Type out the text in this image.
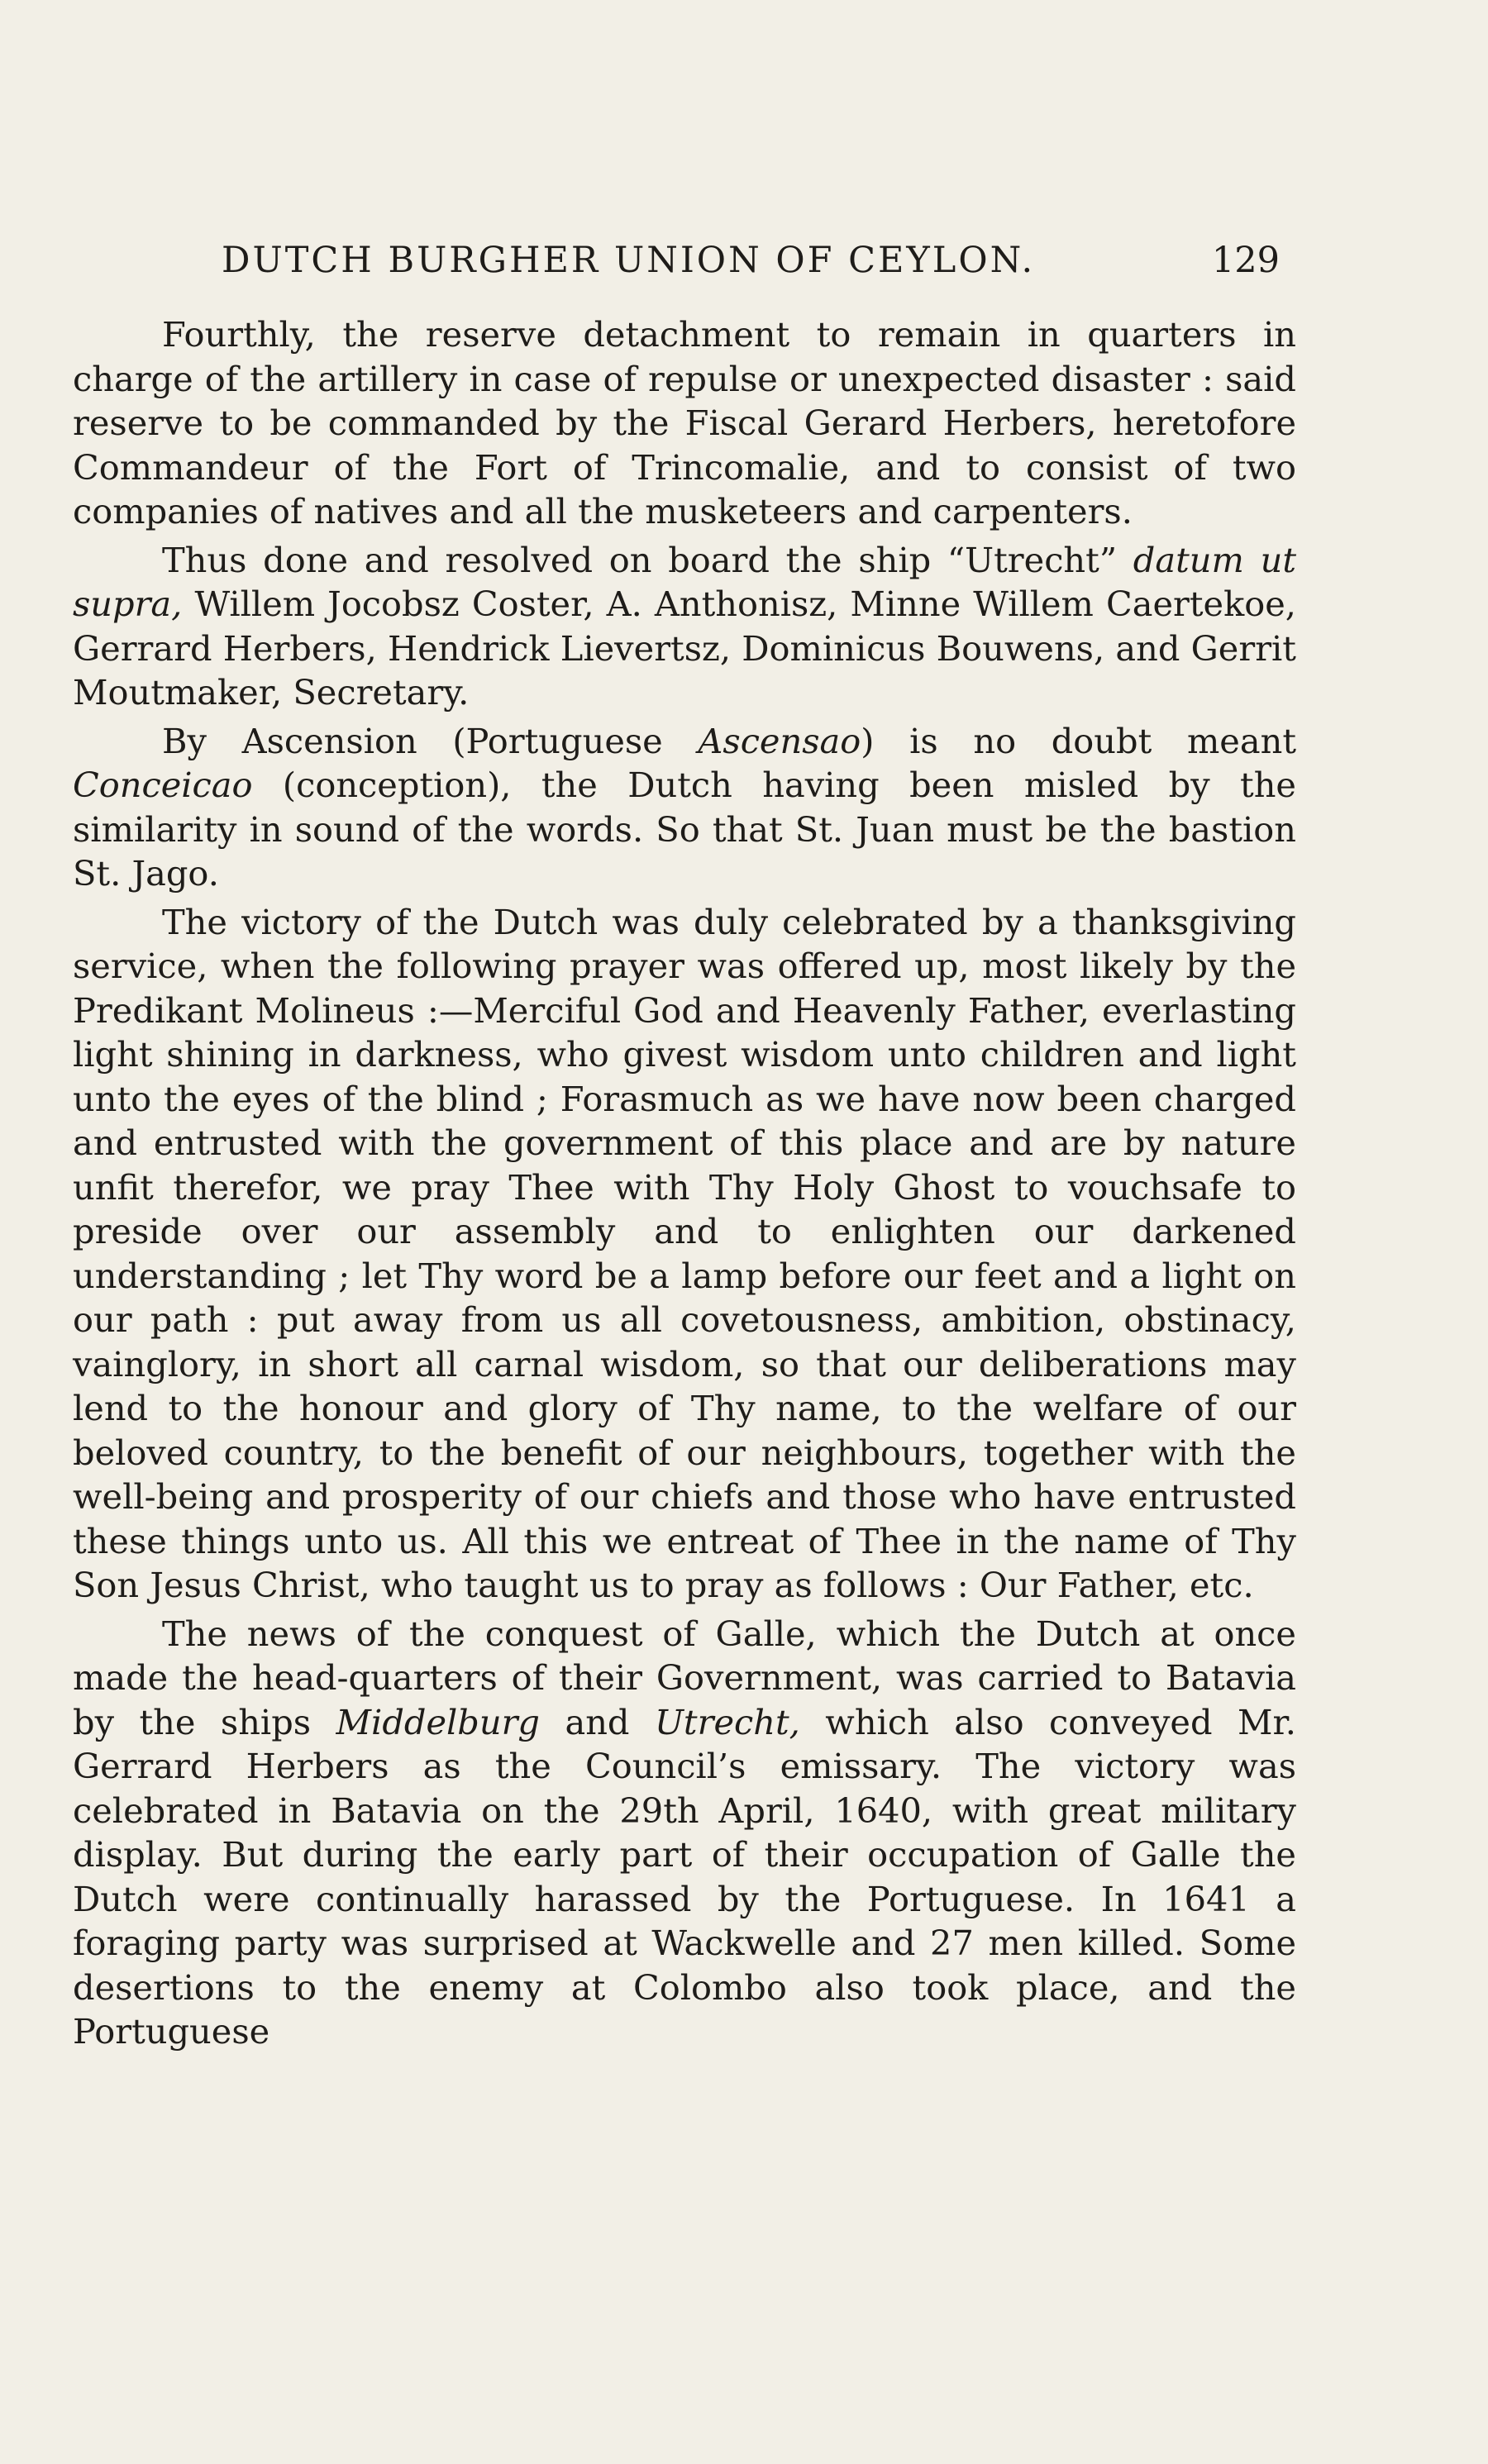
DUTCH BURGHER UNION OF CEYLON.	129

Fourthly, the reserve detachment to remain in quarters in charge of the artillery in case of repulse or unexpected disaster : said reserve to be commanded by the Fiscal Gerard Herbers, heretofore Commandeur of the Fort of Trincomalie, and to consist of two companies of natives and all the musketeers and carpenters.

Thus done and resolved on board the ship “Utrecht” datum ut supra, Willem Jocobsz Coster, A. Anthonisz, Minne Willem Caertekoe, Gerrard Herbers, Hendrick Lievertsz, Dominicus Bouwens, and Gerrit Moutmaker, Secretary.

By Ascension (Portuguese Ascensao) is no doubt meant Conceicao (conception), the Dutch having been misled by the similarity in sound of the words. So that St. Juan must be the bastion St. Jago.

The victory of the Dutch was duly celebrated by a thanksgiving service, when the following prayer was offered up, most likely by the Predikant Molineus :—Merciful God and Heavenly Father, everlasting light shining in darkness, who givest wisdom unto children and light unto the eyes of the blind ; Forasmuch as we have now been charged and entrusted with the government of this place and are by nature unfit therefor, we pray Thee with Thy Holy Ghost to vouchsafe to preside over our assembly and to enlighten our darkened understanding ; let Thy word be a lamp before our feet and a light on our path : put away from us all covetousness, ambition, obstinacy, vainglory, in short all carnal wisdom, so that our deliberations may lend to the honour and glory of Thy name, to the welfare of our beloved country, to the benefit of our neighbours, together with the well-being and prosperity of our chiefs and those who have entrusted these things unto us. All this we entreat of Thee in the name of Thy Son Jesus Christ, who taught us to pray as follows : Our Father, etc.

The news of the conquest of Galle, which the Dutch at once made the head-quarters of their Government, was carried to Batavia by the ships Middelburg and Utrecht, which also conveyed Mr. Gerrard Herbers as the Council’s emissary. The victory was celebrated in Batavia on the 29th April, 1640, with great military display. But during the early part of their occupation of Galle the Dutch were continually harassed by the Portuguese. In 1641 a foraging party was surprised at Wackwelle and 27 men killed. Some desertions to the enemy at Colombo also took place, and the Portuguese
